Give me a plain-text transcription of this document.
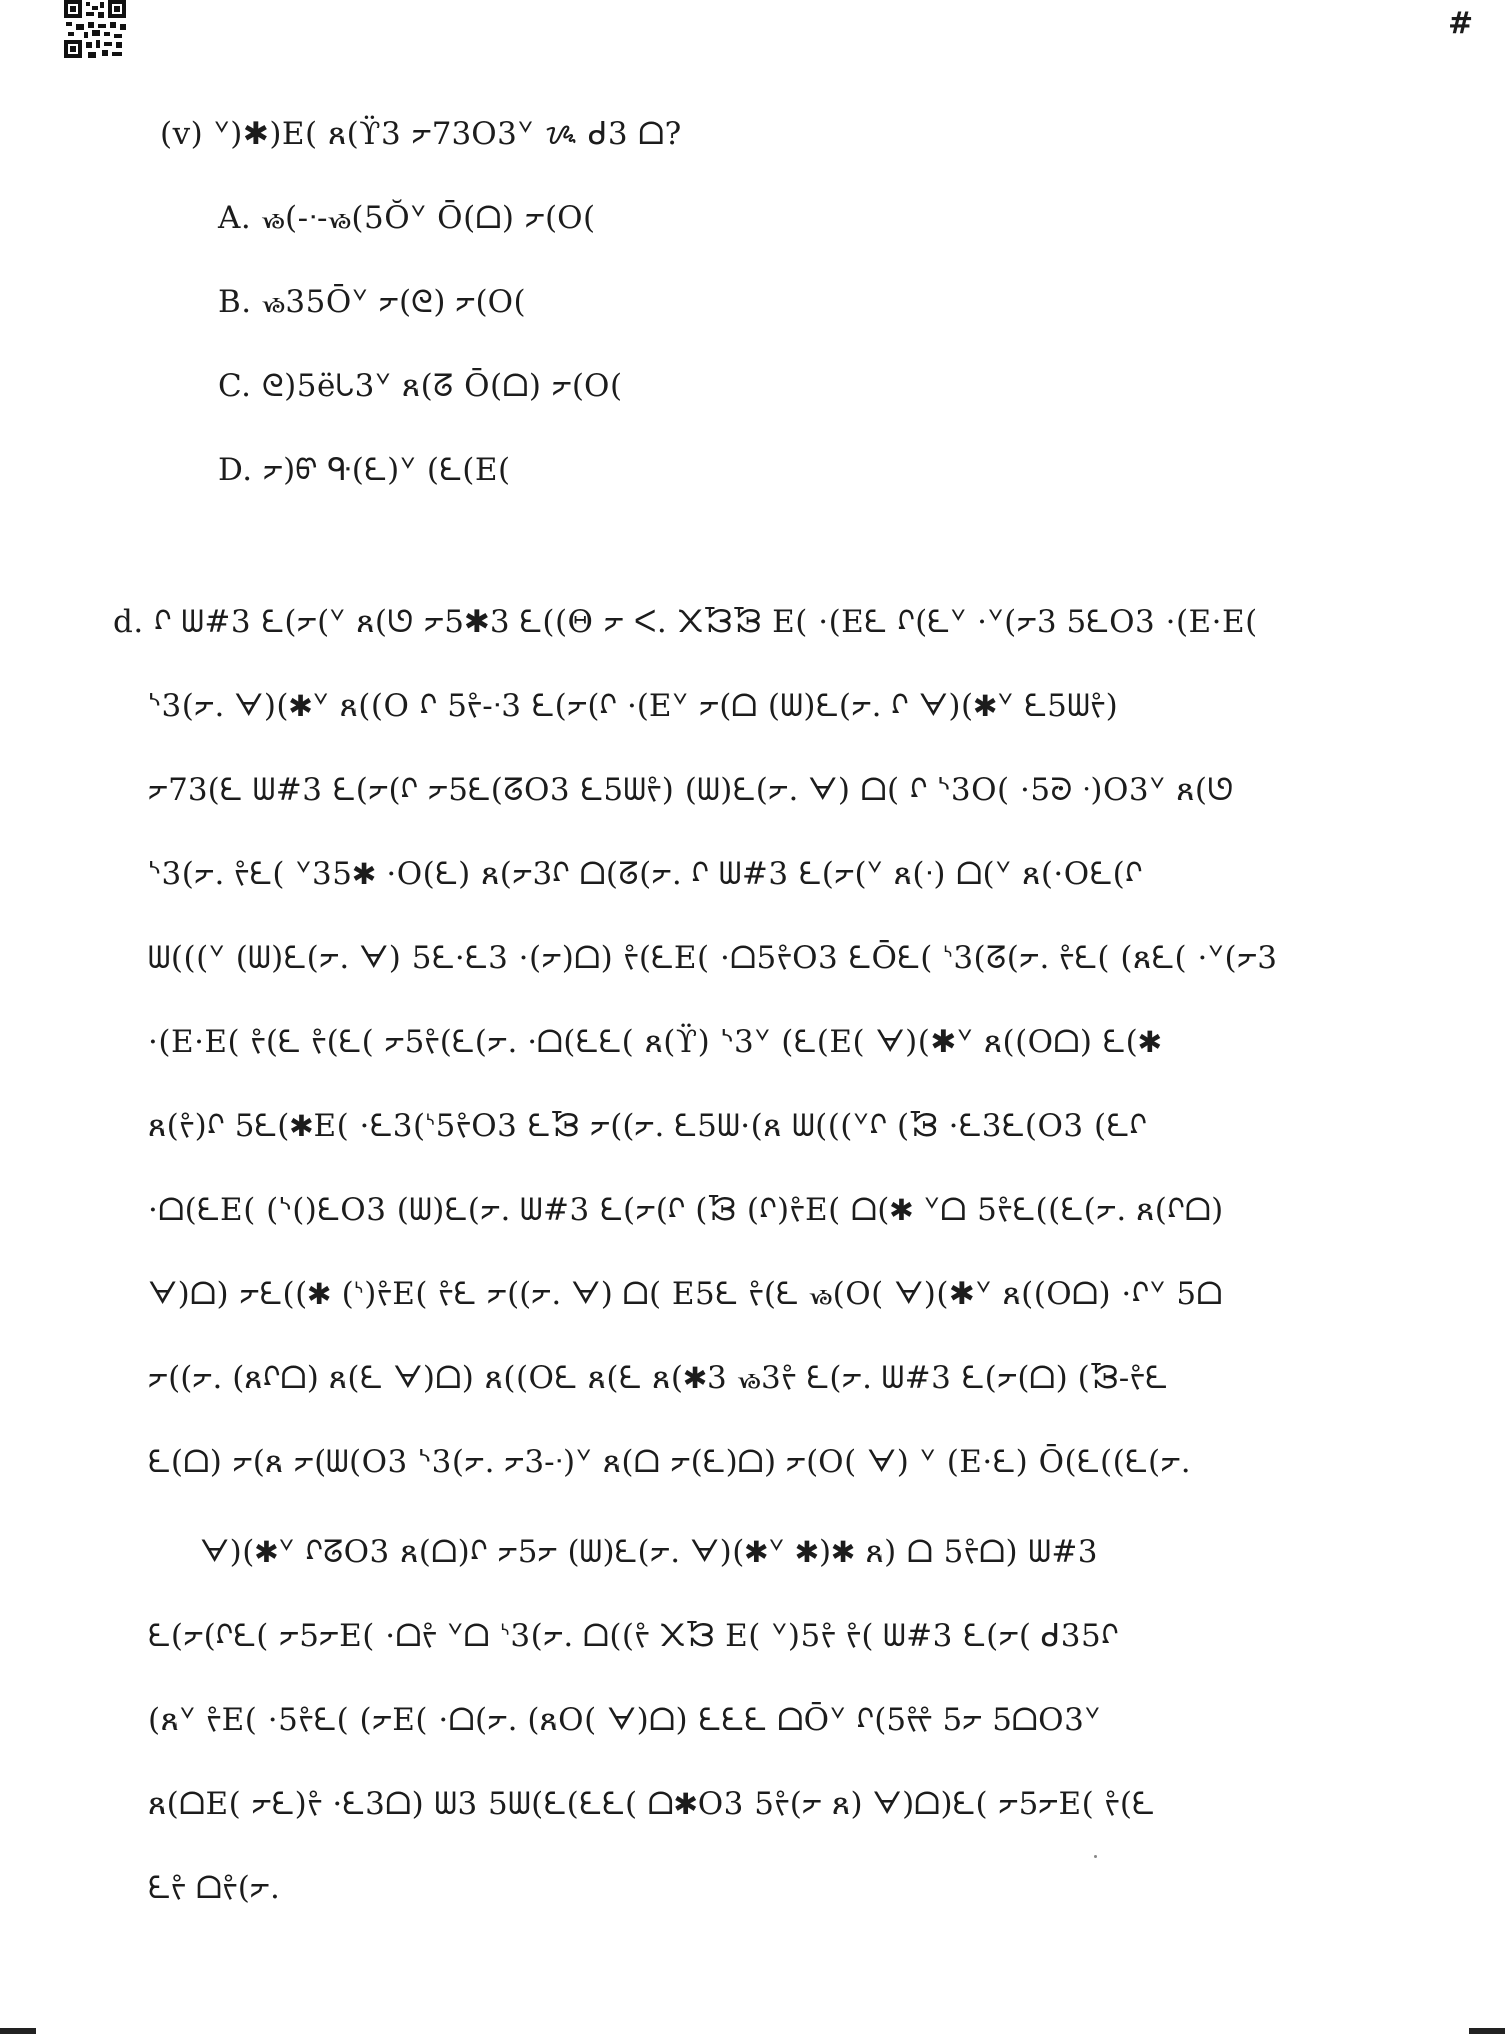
#
(v) ᘁ)✱)Ε( ጸ(ϔ3 ᡔ73О3ᘁ ᝰ ᑯ3 ᗝ?
A. ᏹ(-ᐧ-ᏹ(5Ŏᘁ Ō(ᗝ) ᡔ(О(
B. ᏹ35Ōᘁ ᡔ(ᘓ) ᡔ(О(
C. ᘓ)5ëᘂ3ᘁ ጸ(ᘔ Ō(ᗝ) ᡔ(О(
D. ᡔ)ᡦ ᑵ(ᘍ)ᘁ (ᘍ(Ε(
d. ᡗ ᗯ#3 ᘍ(ᡔ(ᘁ ጸ(ᘎ ᡔ5✱3 ᘍ((Θ ᡔ ᐸ. ᙭ᘼᘽ Ε( ·(Εᘍ ᡗ(ᘍᘁ ·ᘁ(ᡔ3 5ᘍO3 ·(Ε·Ε(
ᔅ3(ᡔ. ᗄ)(✱ᘁ ጸ((Ο ᡗ 5ᡲ-ᐧ3 ᘍ(ᡔ(ᡗ ·(Εᘁ ᡔ(ᗝ (ᗯ)ᘍ(ᡔ. ᡗ ᗄ)(✱ᘁ ᘍ5ᗯᡲ)
ᡔ73(ᘍ ᗯ#3 ᘍ(ᡔ(ᡗ ᡔ5ᘍ(ᘔO3 ᘍ5ᗯᡲ) (ᗯ)ᘍ(ᡔ. ᗄ) ᗝ( ᡗ ᔅ3О( ·5ᘒ ᐧ)O3ᘁ ጸ(ᘎ
ᔅ3(ᡔ. ᡲᘍ( ᘁ35✱ ·О(ᘍ) ጸ(ᡔ3ᡗ ᗝ(ᘔ(ᡔ. ᡗ ᗯ#3 ᘍ(ᡔ(ᘁ ጸ(ᐧ) ᗝ(ᘁ ጸ(·Oᘍ(ᡗ
ᗯ(((ᘁ (ᗯ)ᘍ(ᡔ. ᗄ) 5ᘍ·ᘍ3 ·(ᡔ)ᗝ) ᡲ(ᘍΕ( ·ᗝ5ᡲO3 ᘍŌᘍ( ᔅ3(ᘔ(ᡔ. ᡲᘍ( (ጸᘍ( ·ᘁ(ᡔ3
·(Ε·Ε( ᡲ(ᘍ ᡲ(ᘍ( ᡔ5ᡲ(ᘍ(ᡔ. ·ᗝ(ᘍᘍ( ጸ(ϔ) ᔅ3ᘁ (ᘍ(Ε( ᗄ)(✱ᘁ ጸ((Oᗝ) ᘍ(✱
ጸ(ᡲ)ᡗ 5ᘍ(✱Ε( ·ᘍ3(ᔅ5ᡲO3 ᘍᘽ ᡔ((ᡔ. ᘍ5ᗯ·(ጸ ᗯ(((ᘁᡗ (ᘽ ·ᘍ3ᘍ(O3 (ᘍᡗ
·ᗝ(ᘍΕ( (ᔅ()ᘍO3 (ᗯ)ᘍ(ᡔ. ᗯ#3 ᘍ(ᡔ(ᡗ (ᘽ (ᡗ)ᡲΕ( ᗝ(✱ ᘁᗝ 5ᡲᘍ((ᘍ(ᡔ. ጸ(ᡗᗝ)
ᗄ)ᗝ) ᡔᘍ((✱ (ᔅ)ᡲΕ( ᡲᘍ ᡔ((ᡔ. ᗄ) ᗝ( Ε5ᘍ ᡲ(ᘍ ᏹ(О( ᗄ)(✱ᘁ ጸ((Oᗝ) ·ᡗᘁ 5ᗝ
ᡔ((ᡔ. (ጸᡗᗝ) ጸ(ᘍ ᗄ)ᗝ) ጸ((Oᘍ ጸ(ᘍ ጸ(✱3 ᏹ3ᡲ ᘍ(ᡔ. ᗯ#3 ᘍ(ᡔ(ᗝ) (ᘽ-ᡲᘍ
ᘍ(ᗝ) ᡔ(ጸ ᡔ(ᗯ(O3 ᔅ3(ᡔ. ᡔ3-ᐧ)ᘁ ጸ(ᗝ ᡔ(ᘍ)ᗝ) ᡔ(O( ᗄ) ᘁ (Ε·ᘍ) Ō(ᘍ((ᘍ(ᡔ.
ᗄ)(✱ᘁ ᡗᘔO3 ጸ(ᗝ)ᡗ ᡔ5ᡔ (ᗯ)ᘍ(ᡔ. ᗄ)(✱ᘁ ✱)✱ ጸ) ᗝ 5ᡲᗝ) ᗯ#3
ᘍ(ᡔ(ᡗᘍ( ᡔ5ᡔΕ( ·ᗝᡲ ᘁᗝ ᔅ3(ᡔ. ᗝ((ᡲ ᙭ᘼ Ε( ᘁ)5ᡲ ᡲ( ᗯ#3 ᘍ(ᡔ( ᑯ35ᡗ
(ጸᘁ ᡲΕ( ·5ᡲᘍ( (ᡔΕ( ·ᗝ(ᡔ. (ጸО( ᗄ)ᗝ) ᘍᘍᘍ ᗝŌᘁ ᡗ(5ᡲᡲ 5ᡔ 5ᗝO3ᘁ
ጸ(ᗝΕ( ᡔᘍ)ᡲ ·ᘍ3ᗝ) ᗯ3 5ᗯ(ᘍ(ᘍᘍ( ᗝ✱O3 5ᡲ(ᡔ ጸ) ᗄ)ᗝ)ᘍ( ᡔ5ᡔΕ( ᡲ(ᘍ
ᘍᡲ ᗝᡲ(ᡔ.
